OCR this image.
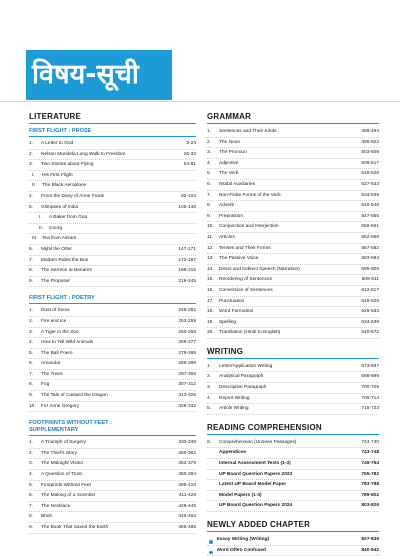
विषय-सूची
LITERATURE
FIRST FLIGHT : PROSE
1.	A Letter to God	3-24
2.	Nelson Mandela Long Walk to Freedom	25-33
3.	Two Stories about Flying	54-81
I.	His First Flight
II.	The Black Aeroplane
4.	From the Diary of Anne Frank	82-104
5.	Glimpses of India	105-146
I.	A Baker from Goa
II.	Coorg
III. Tea from Assam
6.	Mijbil the Otter	147-171
7.	Madam Rides the Bus	172-197
8.	The Sermon at Benares	198-215
9.	The Proposal	216-245
FIRST FLIGHT : POETRY
1.	Dust of Snow	246-252
2.	Fire and Ice	253-259
3.	A Tiger in the Zoo	260-268
4.	How to Tell Wild Animals	269-277
5.	The Ball Poem	278-285
6.	Amanda!	286-296
7.	The Trees	297-306
8.	Fog	307-312
9.	The Tale of Custard the Dragon	313-325
10.	For Anne Gregory	326-332
FOOTPRINTS WITHOUT FEET :
SUPPLEMENTARY
1.	A Triumph of Surgery	333-349
2.	The Thief's Story	350-362
3.	The Midnight Visitor	363-379
4.	A Question of Trust	380-394
5.	Footprints Without Feet	395-410
6.	The Making of a Scientist	411-428
7.	The Necklace	429-445
8.	Bholi	446-464
9.	The Book That Saved the Earth	465-485
GRAMMAR
1.	Sentences and Their Kinds	489-494
2.	The Noun	495-502
3.	The Pronoun	503-508
4.	Adjective	509-517
5.	The Verb	518-526
6.	Modal Auxiliaries	527-533
7.	Non-Finite Forms of the Verb	534-539
8.	Adverb	540-546
9.	Preposition	547-555
10.	Conjunction and Interjection	556-561
11.	Articles	562-566
12.	Tenses and Their Forms	567-582
13.	The Passive Voice	583-594
14.	Direct and Indirect Speech (Narration)	595-605
15.	Reordering of Sentences	606-611
16.	Conversion of Sentences	612-617
17.	Punctuation	618-625
18.	Word Formation	626-633
19.	Spelling	634-639
20.	Translation (Hindi to English)	640-672
WRITING
1.	Letter/Application Writing	673-687
2.	Analytical Paragraph	688-699
3.	Descriptive Paragraph	700-705
4.	Report Writing	706-714
5.	Article Writing	715-723
READING COMPREHENSION
6.	Comprehension (Unseen Passages)	724-740
Appendices	743-748
Internal Assessment Tests (1-3)	749-754
UP Board Question Papers 2023	755-782
Latest UP Board Model Paper	783-788
Model Papers (1-3)	789-802
UP Board Question Papers 2024	803-826
NEWLY ADDED CHAPTER
Essay Writing (Writing)	827-839
Word Often Confused	840-842
